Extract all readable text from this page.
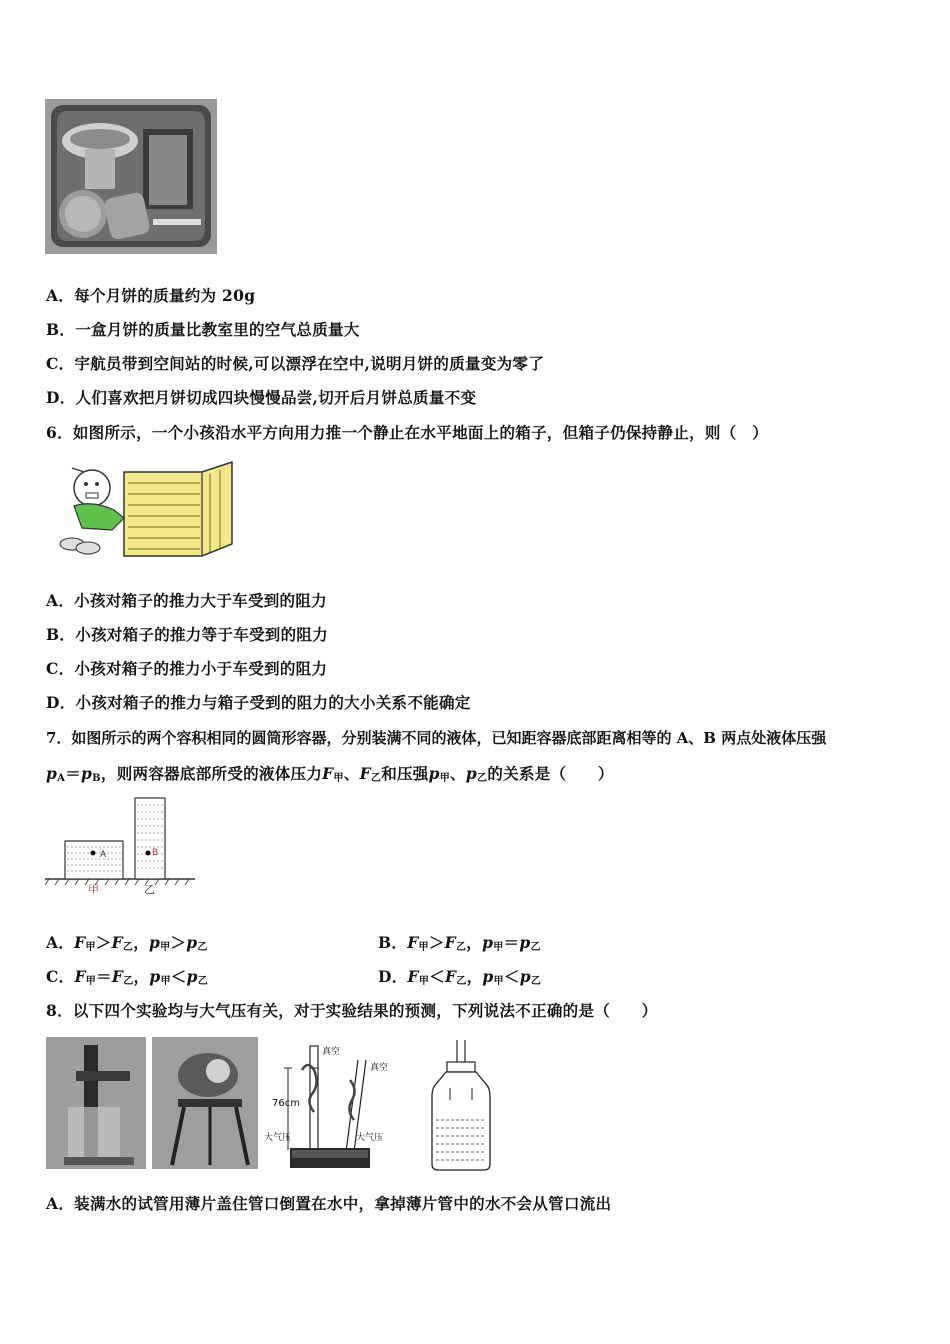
A．每个月饼的质量约为 20g
B．一盒月饼的质量比教室里的空气总质量大
C．宇航员带到空间站的时候,可以漂浮在空中,说明月饼的质量变为零了
D．人们喜欢把月饼切成四块慢慢品尝,切开后月饼总质量不变
6．如图所示，一个小孩沿水平方向用力推一个静止在水平地面上的箱子，但箱子仍保持静止，则（　）
A．小孩对箱子的推力大于车受到的阻力
B．小孩对箱子的推力等于车受到的阻力
C．小孩对箱子的推力小于车受到的阻力
D．小孩对箱子的推力与箱子受到的阻力的大小关系不能确定
7．如图所示的两个容积相同的圆筒形容器，分别装满不同的液体，已知距容器底部距离相等的 A、B 两点处液体压强
$p_A=p_B$，则两容器底部所受的液体压力$F_甲$、$F_乙$和压强$p_甲$、$p_乙$的关系是（　　）
A	B
甲	乙
A．$F_甲>F_乙$，$p_甲>p_乙$	B．$F_甲>F_乙$，$p_甲=p_乙$
C．$F_甲=F_乙$，$p_甲<p_乙$	D．$F_甲<F_乙$，$p_甲<p_乙$
8．以下四个实验均与大气压有关，对于实验结果的预测，下列说法不正确的是（　　）
76cm
真空
真空
大气压	大气压
A．装满水的试管用薄片盖住管口倒置在水中，拿掉薄片管中的水不会从管口流出
